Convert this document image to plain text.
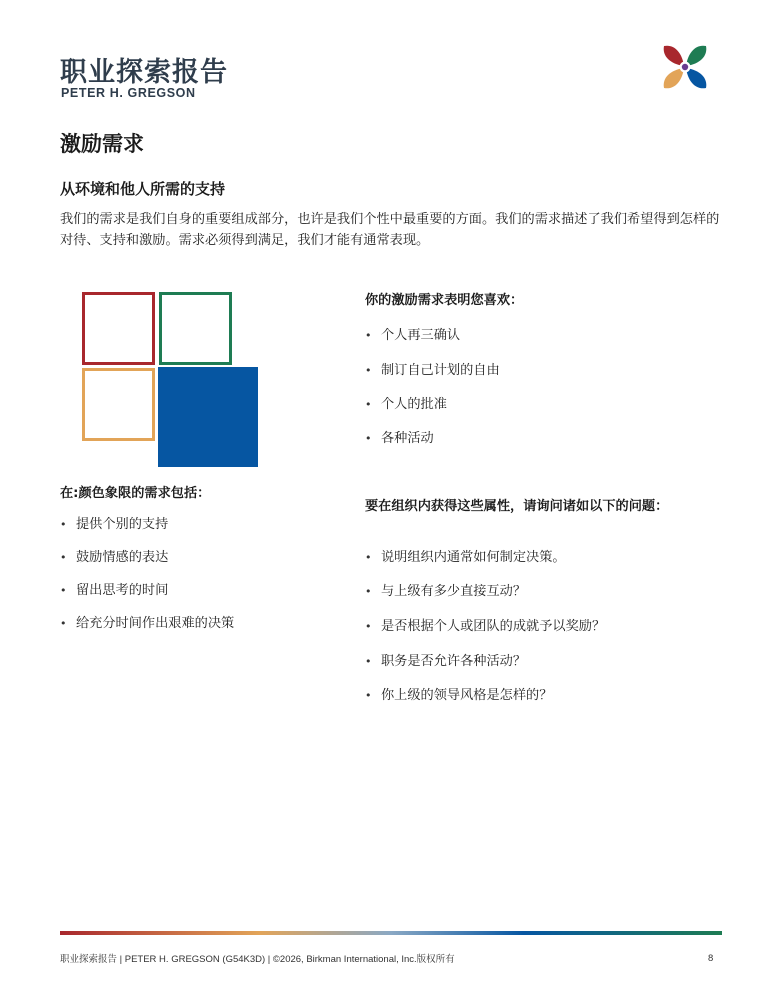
职业探索报告
PETER H. GREGSON
激励需求
从环境和他人所需的支持
我们的需求是我们自身的重要组成部分，也许是我们个性中最重要的方面。我们的需求描述了我们希望得到怎样的对待、支持和激励。需求必须得到满足，我们才能有通常表现。
你的激励需求表明您喜欢：
• 个人再三确认
• 制订自己计划的自由
• 个人的批准
• 各种活动
在:颜色象限的需求包括：
• 提供个别的支持
• 鼓励情感的表达
• 留出思考的时间
• 给充分时间作出艰难的决策
要在组织内获得这些属性，请询问诸如以下的问题：
• 说明组织内通常如何制定决策。
• 与上级有多少直接互动？
• 是否根据个人或团队的成就予以奖励？
• 职务是否允许各种活动？
• 你上级的领导风格是怎样的？
职业探索报告 | PETER H. GREGSON (G54K3D) | ©2026, Birkman International, Inc.版权所有	8
